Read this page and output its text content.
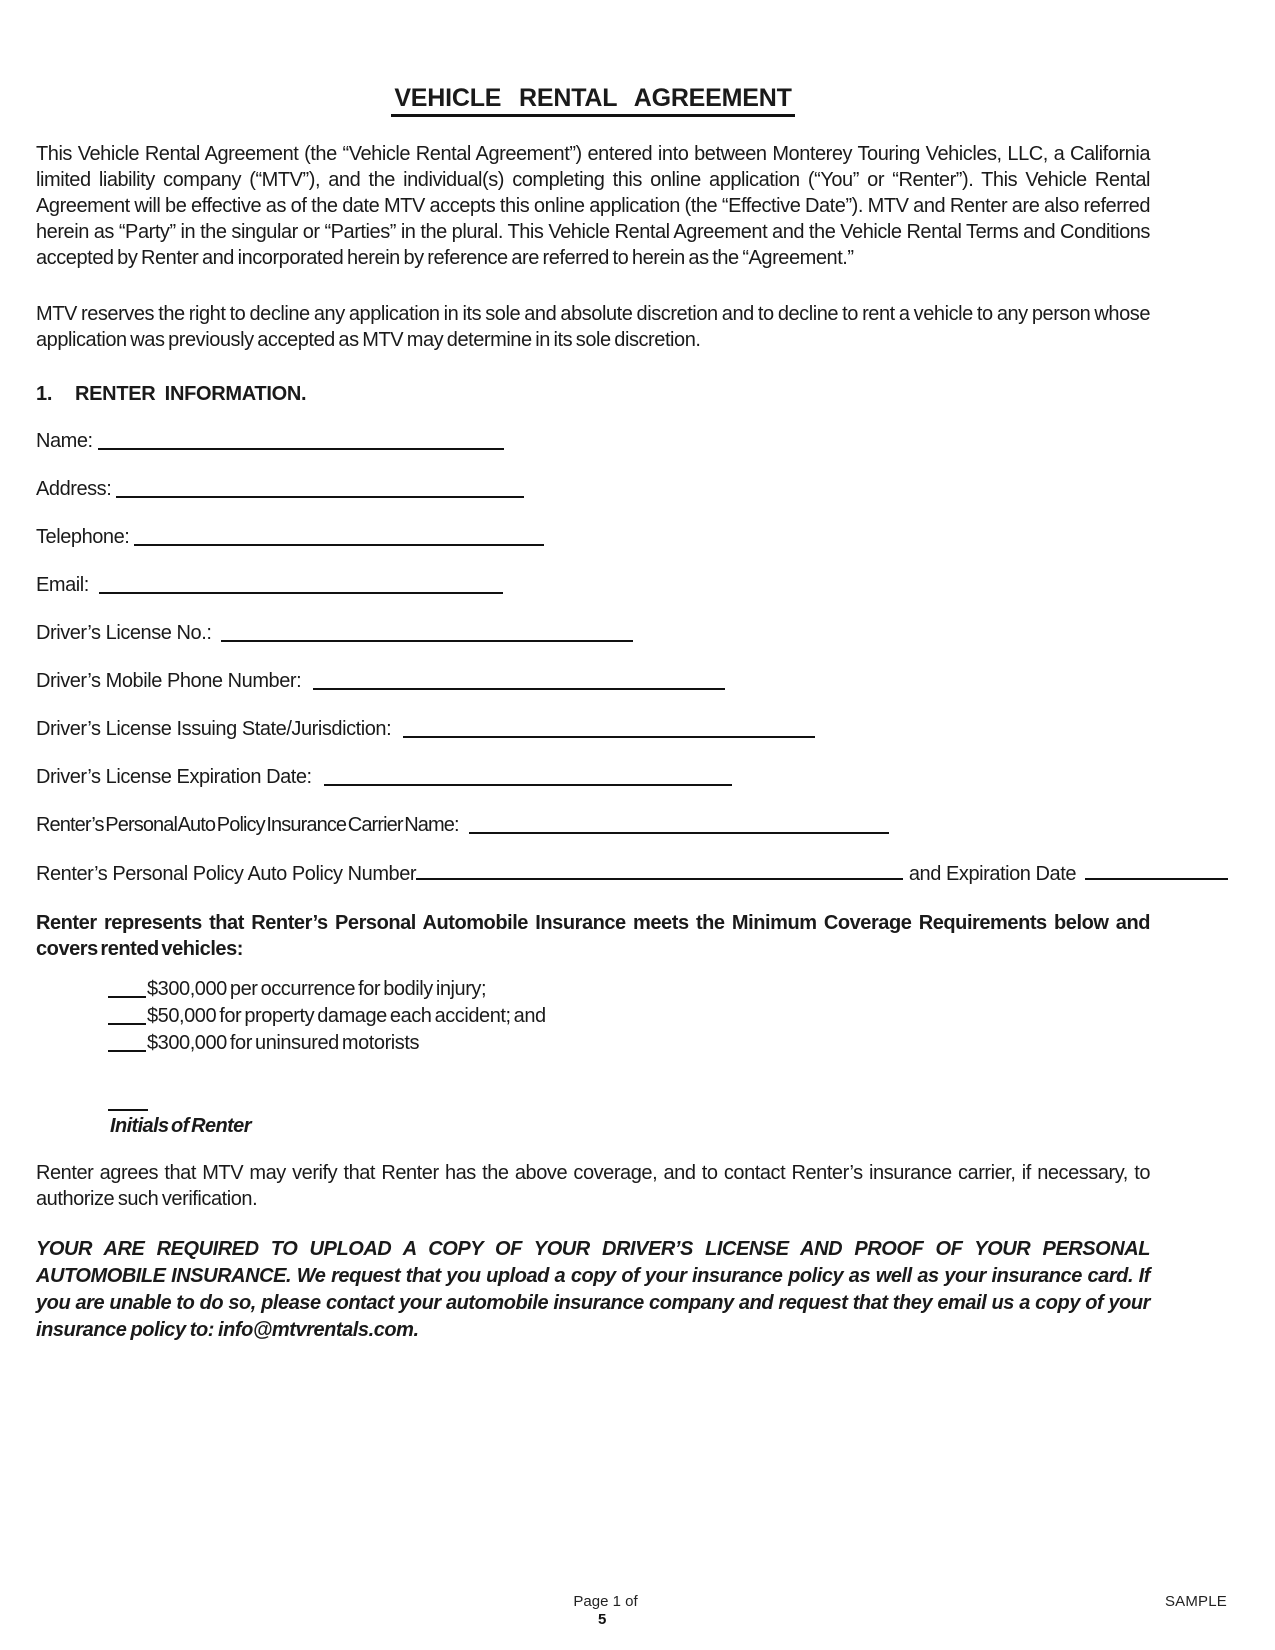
VEHICLE RENTAL AGREEMENT

This Vehicle Rental Agreement (the “Vehicle Rental Agreement”) entered into between Monterey Touring Vehicles, LLC, a California limited liability company (“MTV”), and the individual(s) completing this online application (“You” or “Renter”). This Vehicle Rental Agreement will be effective as of the date MTV accepts this online application (the “Effective Date”). MTV and Renter are also referred herein as “Party” in the singular or “Parties” in the plural. This Vehicle Rental Agreement and the Vehicle Rental Terms and Conditions accepted by Renter and incorporated herein by reference are referred to herein as the “Agreement.”

MTV reserves the right to decline any application in its sole and absolute discretion and to decline to rent a vehicle to any person whose application was previously accepted as MTV may determine in its sole discretion.

1. RENTER INFORMATION.
Name:
Address:
Telephone:
Email:
Driver’s License No.:
Driver’s Mobile Phone Number:
Driver’s License Issuing State/Jurisdiction:
Driver’s License Expiration Date:
Renter’s Personal Auto Policy Insurance Carrier Name:
Renter’s Personal Policy Auto Policy Number	and Expiration Date

Renter represents that Renter’s Personal Automobile Insurance meets the Minimum Coverage Requirements below and covers rented vehicles:

$300,000 per occurrence for bodily injury;
$50,000 for property damage each accident; and
$300,000 for uninsured motorists
Initials of Renter

Renter agrees that MTV may verify that Renter has the above coverage, and to contact Renter’s insurance carrier, if necessary, to authorize such verification.

YOUR ARE REQUIRED TO UPLOAD A COPY OF YOUR DRIVER’S LICENSE AND PROOF OF YOUR PERSONAL AUTOMOBILE INSURANCE. We request that you upload a copy of your insurance policy as well as your insurance card. If you are unable to do so, please contact your automobile insurance company and request that they email us a copy of your insurance policy to: info@mtvrentals.com.

Page 1 of
5
SAMPLE
